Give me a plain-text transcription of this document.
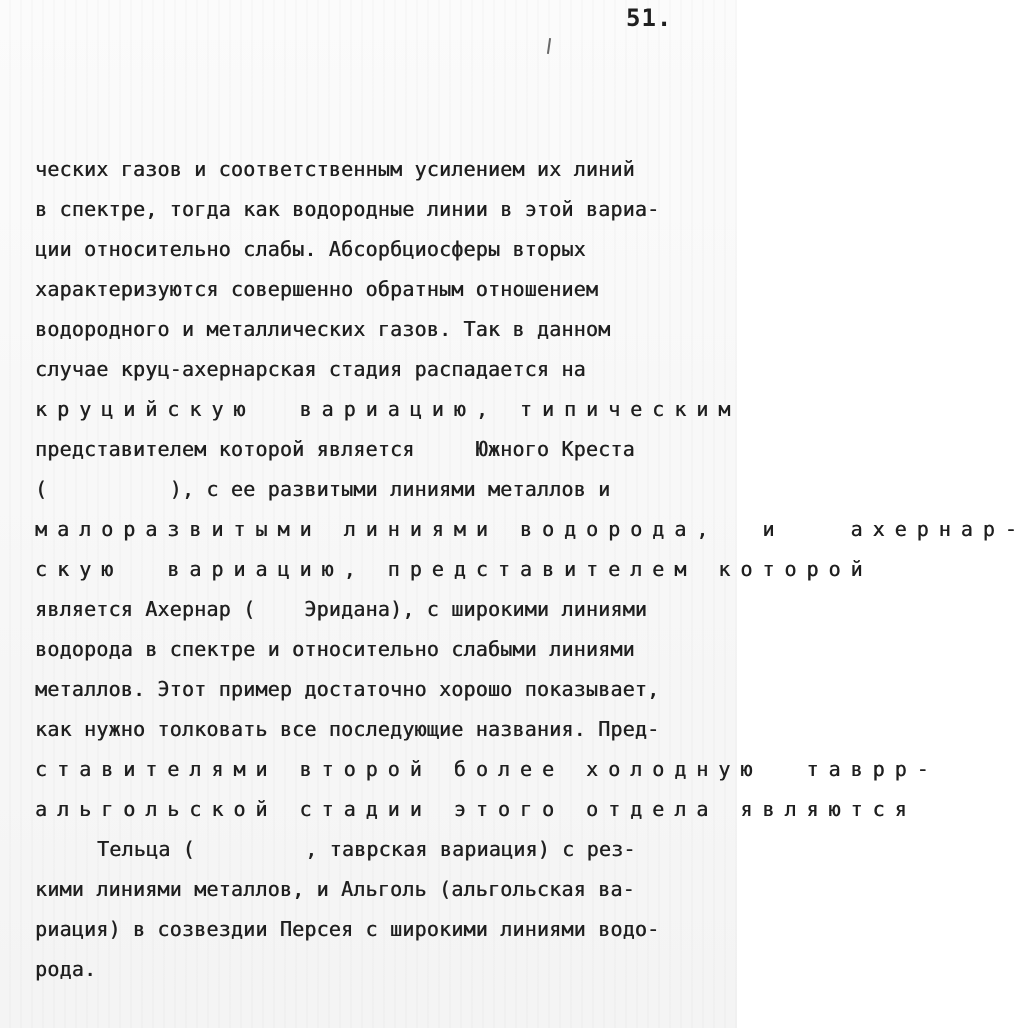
51.
ческих газов и соответственным усилением их линий
в спектре, тогда как водородные линии в этой вариа-
ции относительно слабы. Абсорбциосферы вторых
характеризуются совершенно обратным отношением
водородного и металлических газов. Так в данном
случае круц-ахернарская стадия распадается на
круцийскую  вариацию, типическим
представителем которой является     Южного Креста
(          ), с ее развитыми линиями металлов и
малоразвитыми линиями водорода,  и   ахернар-
скую  вариацию, представителем которой
является Ахернар (    Эридана), с широкими линиями
водорода в спектре и относительно слабыми линиями
металлов. Этот пример достаточно хорошо показывает,
как нужно толковать все последующие названия. Пред-
ставителями второй более холодную  таврр-
альгольской стадии этого отдела являются
Тельца (         , таврская вариация) с рез-
кими линиями металлов, и Альголь (альгольская ва-
риация) в созвездии Персея с широкими линиями водо-
рода.
